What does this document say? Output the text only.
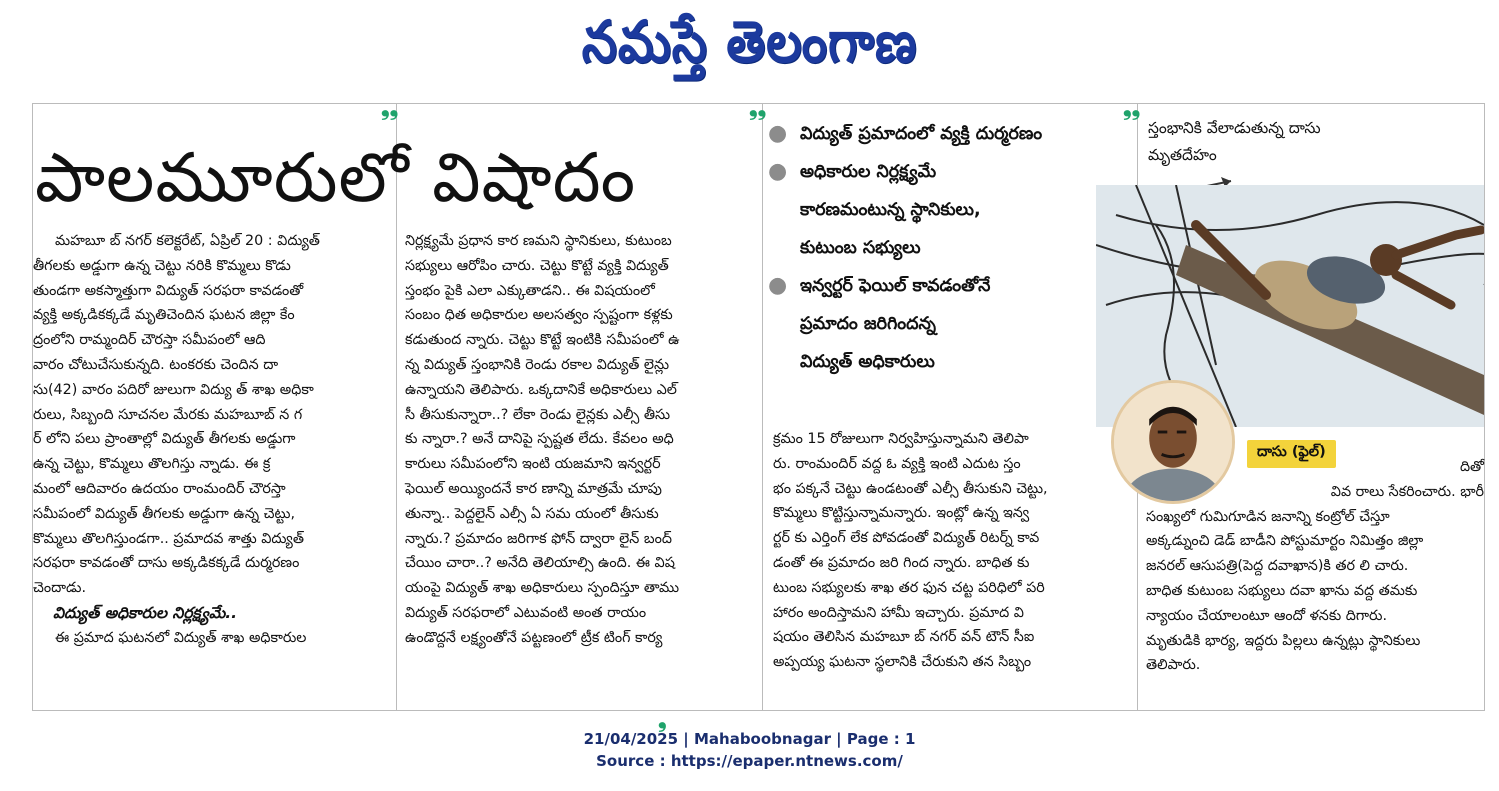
నమస్తే తెలంగాణ
❟❟	❟❟	❟❟
పాలమూరులో విషాదం
మహబూ బ్ నగర్ కలెక్టరేట్, ఏప్రిల్ 20 : విద్యుత్
తీగలకు అడ్డుగా ఉన్న చెట్టు నరికి కొమ్మలు కొడు
తుండగా అకస్మాత్తుగా విద్యుత్ సరఫరా కావడంతో
వ్యక్తి అక్కడికక్కడే మృతిచెందిన ఘటన జిల్లా కేం
ద్రంలోని రామ్మందిర్ చౌరస్తా సమీపంలో ఆది
వారం చోటుచేసుకున్నది. టంకరకు చెందిన దా
సు(42) వారం పదిరో జులుగా విద్యు త్ శాఖ అధికా
రులు, సిబ్బంది సూచనల మేరకు మహబూబ్ న గ
ర్ లోని పలు ప్రాంతాల్లో విద్యుత్ తీగలకు అడ్డుగా
ఉన్న చెట్టు, కొమ్మలు తొలగిస్తు న్నాడు. ఈ క్ర
మంలో ఆదివారం ఉదయం రాంమందిర్ చౌరస్తా
సమీపంలో విద్యుత్ తీగలకు అడ్డుగా ఉన్న చెట్టు,
కొమ్మలు తొలగిస్తుండగా.. ప్రమాదవ శాత్తు విద్యుత్
సరఫరా కావడంతో దాసు అక్కడికక్కడే దుర్మరణం
చెందాడు.

విద్యుత్ అధికారుల నిర్లక్ష్యమే..

ఈ ప్రమాద ఘటనలో విద్యుత్ శాఖ అధికారుల

నిర్లక్ష్యమే ప్రధాన కార ణమని స్థానికులు, కుటుంబ
సభ్యులు ఆరోపిం చారు. చెట్టు కొట్టే వ్యక్తి విద్యుత్
స్తంభం పైకి ఎలా ఎక్కుతాడని.. ఈ విషయంలో
సంబం ధిత అధికారుల అలసత్వం స్పష్టంగా కళ్లకు
కడుతుంద న్నారు. చెట్టు కొట్టే ఇంటికి సమీపంలో ఉ
న్న విద్యుత్ స్తంభానికి రెండు రకాల విద్యుత్ లైన్లు
ఉన్నాయని తెలిపారు. ఒక్కదానికే అధికారులు ఎల్
సీ తీసుకున్నారా..? లేకా రెండు లైన్లకు ఎల్సీ తీసు
కు న్నారా.? అనే దానిపై స్పష్టత లేదు. కేవలం అధి
కారులు సమీపంలోని ఇంటి యజమాని ఇన్వర్టర్
ఫెయిల్ అయ్యిందనే కార ణాన్ని మాత్రమే చూపు
తున్నా.. పెద్దలైన్ ఎల్సీ ఏ సమ యంలో తీసుకు
న్నారు.? ప్రమాదం జరిగాక ఫోన్ ద్వారా లైన్ బంద్
చేయిం చారా..? అనేది తెలియాల్సి ఉంది. ఈ విష
యంపై విద్యుత్ శాఖ అధికారులు స్పందిస్తూ తాము
విద్యుత్ సరఫరాలో ఎటువంటి అంత రాయం
ఉండొద్దనే లక్ష్యంతోనే పట్టణంలో ట్రీక టింగ్ కార్య
● విద్యుత్ ప్రమాదంలో వ్యక్తి దుర్మరణం
● అధికారుల నిర్లక్ష్యమే
కారణమంటున్న స్థానికులు,
కుటుంబ సభ్యులు
● ఇన్వర్టర్ ఫెయిల్ కావడంతోనే
ప్రమాదం జరిగిందన్న
విద్యుత్ అధికారులు
క్రమం 15 రోజులుగా నిర్వహిస్తున్నామని తెలిపా
రు. రాంమందిర్ వద్ద ఓ వ్యక్తి ఇంటి ఎదుట స్తం
భం పక్కనే చెట్టు ఉండటంతో ఎల్సీ తీసుకుని చెట్టు,
కొమ్మలు కొట్టిస్తున్నామన్నారు. ఇంట్లో ఉన్న ఇన్వ
ర్టర్ కు ఎర్తింగ్ లేక పోవడంతో విద్యుత్ రిటర్న్ కావ
డంతో ఈ ప్రమాదం జరి గింద న్నారు. బాధిత కు
టుంబ సభ్యులకు శాఖ తర ఫున చట్ట పరిధిలో పరి
హారం అందిస్తామని హామీ ఇచ్చారు. ప్రమాద వి
షయం తెలిసిన మహబూ బ్ నగర్ వన్ టౌన్ సీఐ
అప్పయ్య ఘటనా స్థలానికి చేరుకుని తన సిబ్బం
స్తంభానికి వేలాడుతున్న దాసు
మృతదేహం
దాసు (ఫైల్)
దితో
వివ రాలు సేకరించారు. భారీ
సంఖ్యలో గుమిగూడిన జనాన్ని కంట్రోల్ చేస్తూ
అక్కడ్నుంచి డెడ్ బాడీని పోస్టుమార్టం నిమిత్తం జిల్లా
జనరల్ ఆసుపత్రి(పెద్ద దవాఖాన)కి తర లి చారు.
బాధిత కుటుంబ సభ్యులు దవా ఖాను వద్ద తమకు
న్యాయం చేయాలంటూ ఆందో ళనకు దిగారు.
మృతుడికి భార్య, ఇద్దరు పిల్లలు ఉన్నట్లు స్థానికులు
తెలిపారు.
❟
21/04/2025 | Mahaboobnagar | Page : 1
Source : https://epaper.ntnews.com/
